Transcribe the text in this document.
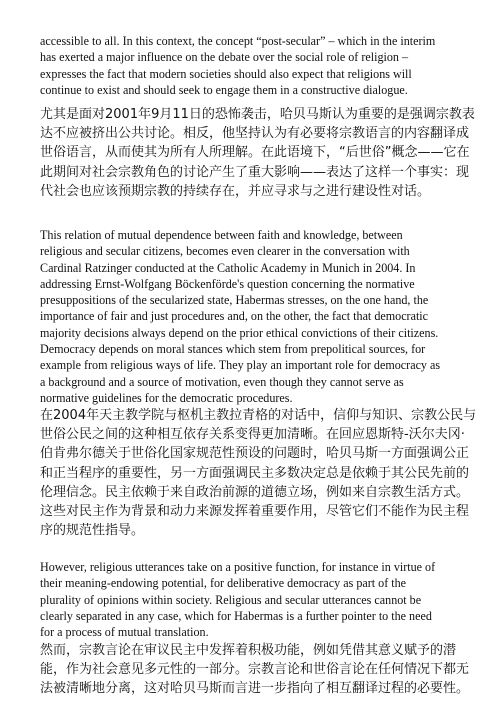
accessible to all. In this context, the concept “post-secular” – which in the interim
has exerted a major influence on the debate over the social role of religion –
expresses the fact that modern societies should also expect that religions will
continue to exist and should seek to engage them in a constructive dialogue.
尤其是面对2001年9月11日的恐怖袭击，哈贝马斯认为重要的是强调宗教表
达不应被挤出公共讨论。相反，他坚持认为有必要将宗教语言的内容翻译成
世俗语言，从而使其为所有人所理解。在此语境下，“后世俗”概念——它在
此期间对社会宗教角色的讨论产生了重大影响——表达了这样一个事实：现
代社会也应该预期宗教的持续存在，并应寻求与之进行建设性对话。
This relation of mutual dependence between faith and knowledge, between
religious and secular citizens, becomes even clearer in the conversation with
Cardinal Ratzinger conducted at the Catholic Academy in Munich in 2004. In
addressing Ernst-Wolfgang Böckenförde's question concerning the normative
presuppositions of the secularized state, Habermas stresses, on the one hand, the
importance of fair and just procedures and, on the other, the fact that democratic
majority decisions always depend on the prior ethical convictions of their citizens.
Democracy depends on moral stances which stem from prepolitical sources, for
example from religious ways of life. They play an important role for democracy as
a background and a source of motivation, even though they cannot serve as
normative guidelines for the democratic procedures.
在2004年天主教学院与枢机主教拉青格的对话中，信仰与知识、宗教公民与
世俗公民之间的这种相互依存关系变得更加清晰。在回应恩斯特-沃尔夫冈·
伯肯弗尔德关于世俗化国家规范性预设的问题时，哈贝马斯一方面强调公正
和正当程序的重要性，另一方面强调民主多数决定总是依赖于其公民先前的
伦理信念。民主依赖于来自政治前源的道德立场，例如来自宗教生活方式。
这些对民主作为背景和动力来源发挥着重要作用，尽管它们不能作为民主程
序的规范性指导。
However, religious utterances take on a positive function, for instance in virtue of
their meaning-endowing potential, for deliberative democracy as part of the
plurality of opinions within society. Religious and secular utterances cannot be
clearly separated in any case, which for Habermas is a further pointer to the need
for a process of mutual translation.
然而，宗教言论在审议民主中发挥着积极功能，例如凭借其意义赋予的潜
能，作为社会意见多元性的一部分。宗教言论和世俗言论在任何情况下都无
法被清晰地分离，这对哈贝马斯而言进一步指向了相互翻译过程的必要性。
